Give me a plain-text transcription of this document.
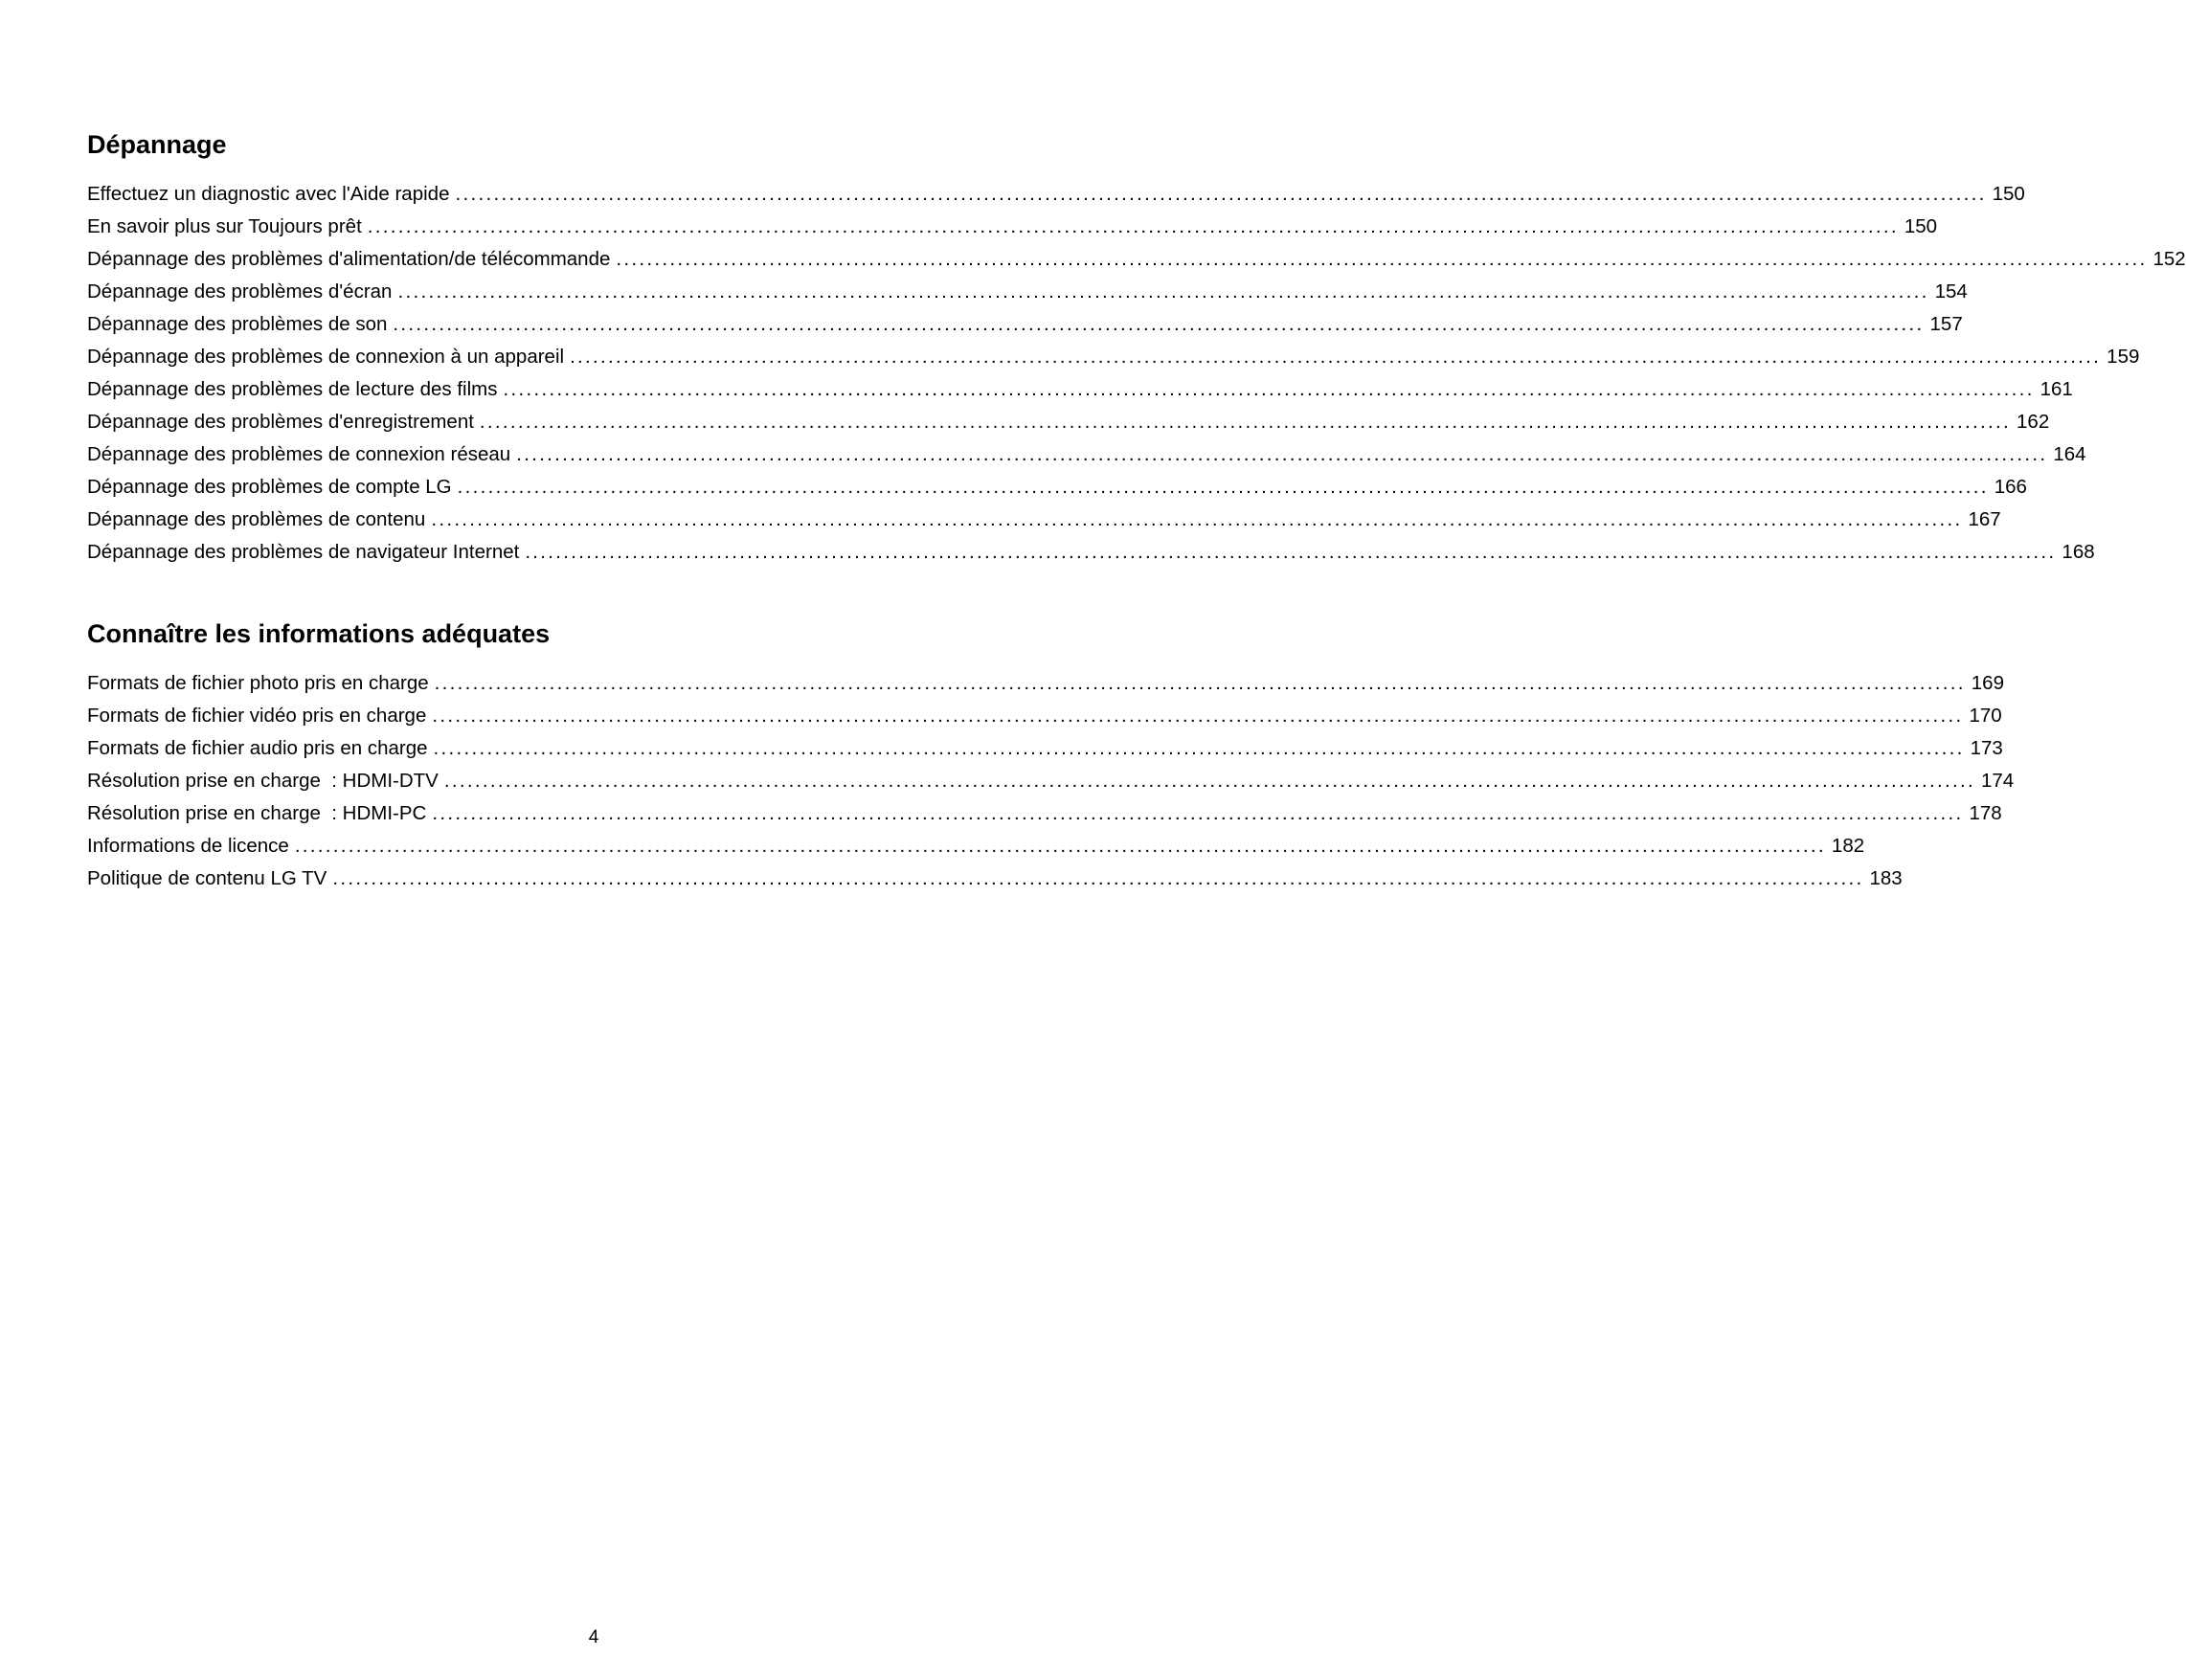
Dépannage
Effectuez un diagnostic avec l'Aide rapide ........................................................................................................................................................................................................ 150
En savoir plus sur Toujours prêt ........................................................................................................................................................................................................ 150
Dépannage des problèmes d'alimentation/de télécommande ........................................................................................................................................................................................................ 152
Dépannage des problèmes d'écran ........................................................................................................................................................................................................ 154
Dépannage des problèmes de son ........................................................................................................................................................................................................ 157
Dépannage des problèmes de connexion à un appareil ........................................................................................................................................................................................................ 159
Dépannage des problèmes de lecture des films ........................................................................................................................................................................................................ 161
Dépannage des problèmes d'enregistrement ........................................................................................................................................................................................................ 162
Dépannage des problèmes de connexion réseau ........................................................................................................................................................................................................ 164
Dépannage des problèmes de compte LG ........................................................................................................................................................................................................ 166
Dépannage des problèmes de contenu ........................................................................................................................................................................................................ 167
Dépannage des problèmes de navigateur Internet ........................................................................................................................................................................................................ 168
Connaître les informations adéquates
Formats de fichier photo pris en charge ........................................................................................................................................................................................................ 169
Formats de fichier vidéo pris en charge ........................................................................................................................................................................................................ 170
Formats de fichier audio pris en charge ........................................................................................................................................................................................................ 173
Résolution prise en charge  : HDMI-DTV ........................................................................................................................................................................................................ 174
Résolution prise en charge  : HDMI-PC ........................................................................................................................................................................................................ 178
Informations de licence ........................................................................................................................................................................................................ 182
Politique de contenu LG TV ........................................................................................................................................................................................................ 183
4
